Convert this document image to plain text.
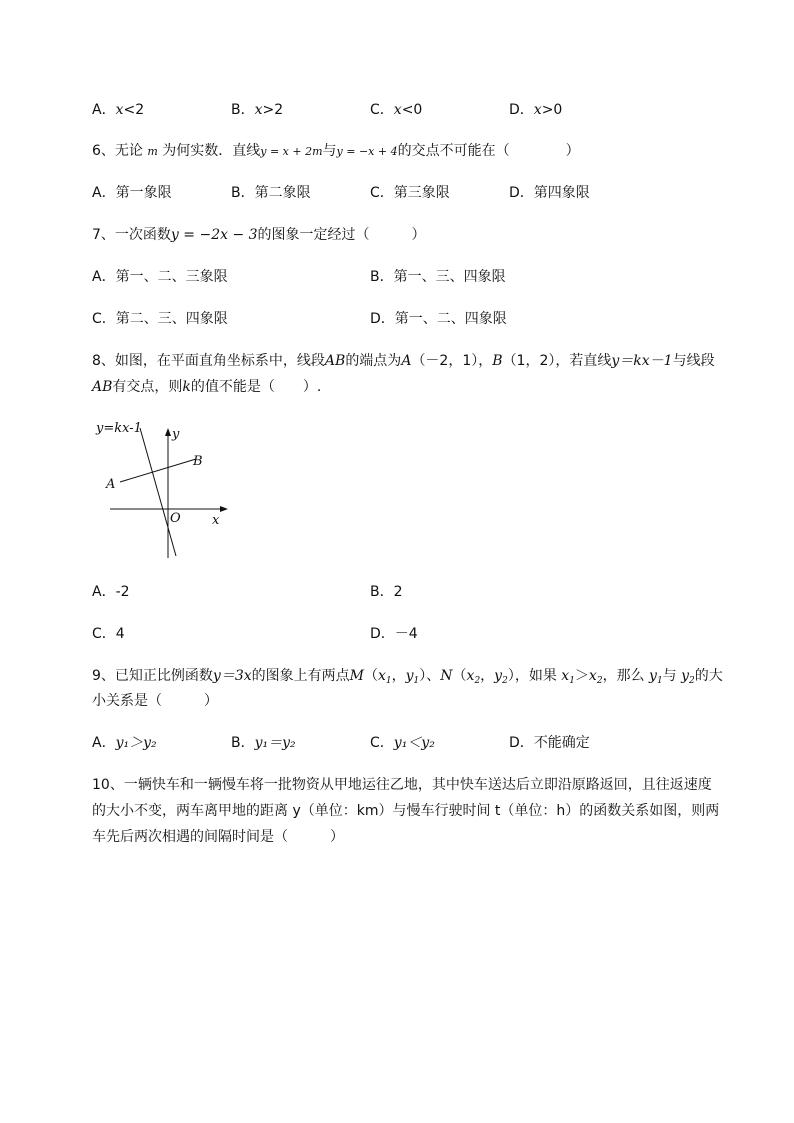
A．x<2	B．x>2	C．x<0	D．x>0
6、无论 m 为何实数．直线y = x + 2m与y = −x + 4的交点不可能在（　　　　）
A．第一象限	B．第二象限	C．第三象限	D．第四象限
7、一次函数y = −2x − 3的图象一定经过（　　　）
A．第一、二、三象限	B．第一、三、四象限
C．第二、三、四象限	D．第一、二、四象限
8、如图，在平面直角坐标系中，线段AB的端点为A（－2，1），B（1，2），若直线y＝kx－1与线段
AB有交点，则k的值不能是（　　）.
y=kx-1 y
x
O
A
B
A．-2	B．2
C．4	D．－4
9、已知正比例函数y＝3x的图象上有两点$M(x_1$，$y_1$）、$N(x_2$，$y_2$），如果 $x_1>x_2$，那么 $y_1$与 $y_2$的大
小关系是（　　　）
A．y₁＞y₂	B．y₁＝y₂	C．y₁＜y₂	D．不能确定
10、一辆快车和一辆慢车将一批物资从甲地运往乙地，其中快车送达后立即沿原路返回，且往返速度
的大小不变，两车离甲地的距离 y（单位：km）与慢车行驶时间 t（单位：h）的函数关系如图，则两
车先后两次相遇的间隔时间是（　　　）
